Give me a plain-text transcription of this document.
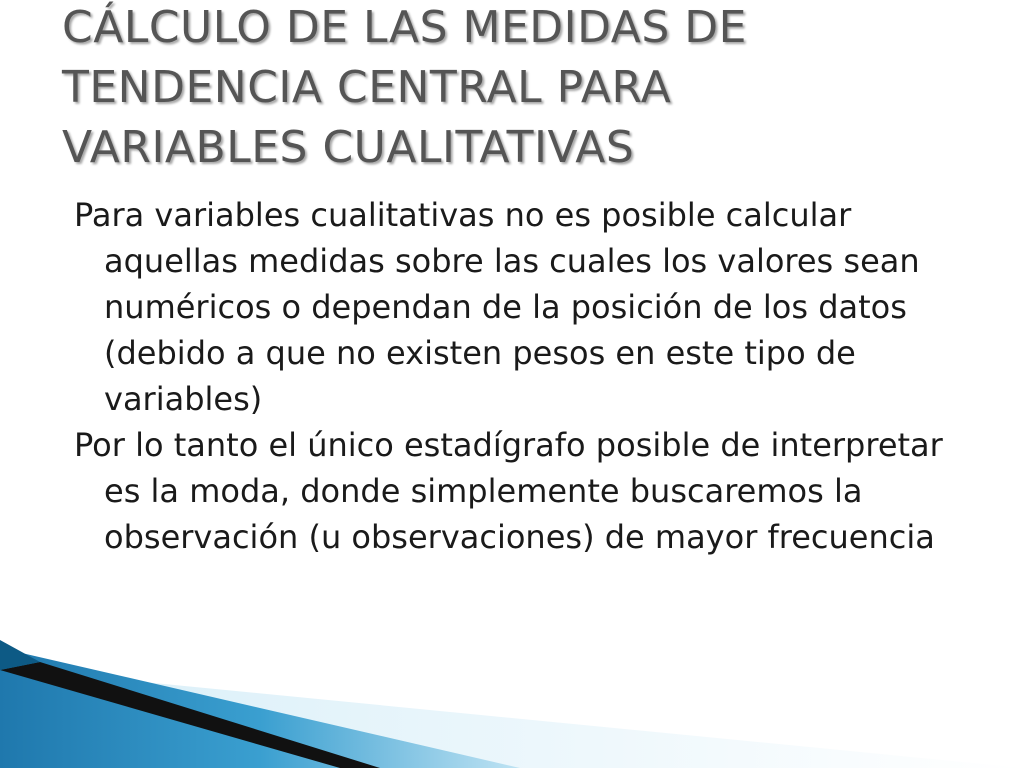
CÁLCULO DE LAS MEDIDAS DE
TENDENCIA CENTRAL PARA
VARIABLES CUALITATIVAS

Para variables cualitativas no es posible calcular aquellas medidas sobre las cuales los valores sean numéricos o dependan de la posición de los datos (debido a que no existen pesos en este tipo de variables)

Por lo tanto el único estadígrafo posible de interpretar es la moda, donde simplemente buscaremos la observación (u observaciones) de mayor frecuencia
